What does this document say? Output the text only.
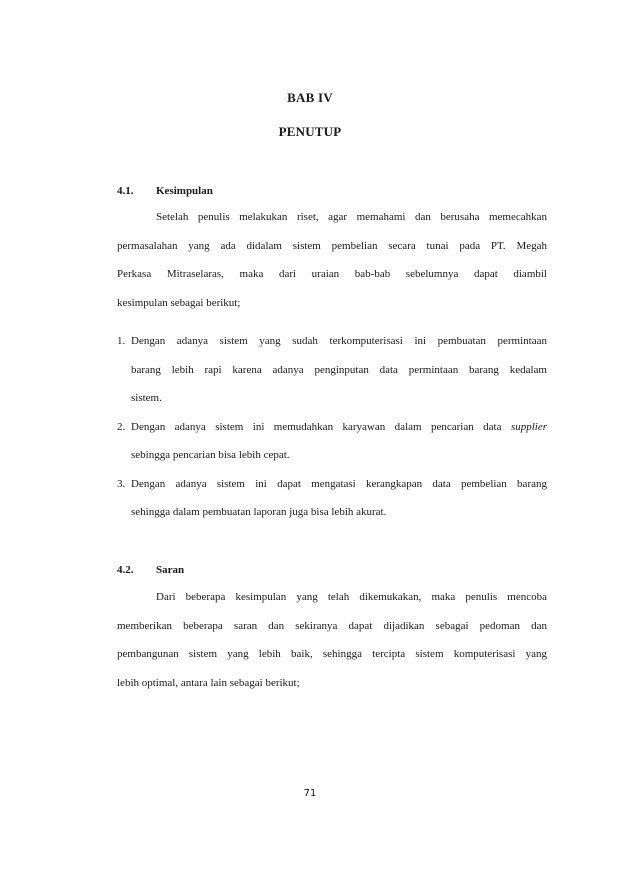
BAB IV
PENUTUP
4.1. Kesimpulan
Setelah penulis melakukan riset, agar memahami dan berusaha memecahkan
permasalahan yang ada didalam sistem pembelian secara tunai pada PT. Megah
Perkasa Mitraselaras, maka dari uraian bab-bab sebelumnya dapat diambil
kesimpulan sebagai berikut;
1. Dengan adanya sistem yang sudah terkomputerisasi ini pembuatan permintaan
barang lebih rapi karena adanya penginputan data permintaan barang kedalam
sistem.
2. Dengan adanya sistem ini memudahkan karyawan dalam pencarian data supplier
sebingga pencarian bisa lebih cepat.
3. Dengan adanya sistem ini dapat mengatasi kerangkapan data pembelian barang
sehingga dalam pembuatan laporan juga bisa lebih akurat.
4.2. Saran
Dari beberapa kesimpulan yang telah dikemukakan, maka penulis mencoba
memberikan beberapa saran dan sekiranya dapat dijadikan sebagai pedoman dan
pembangunan sistem yang lebih baik, sehingga tercipta sistem komputerisasi yang
lebih optimal, antara lain sebagai berikut;
71
